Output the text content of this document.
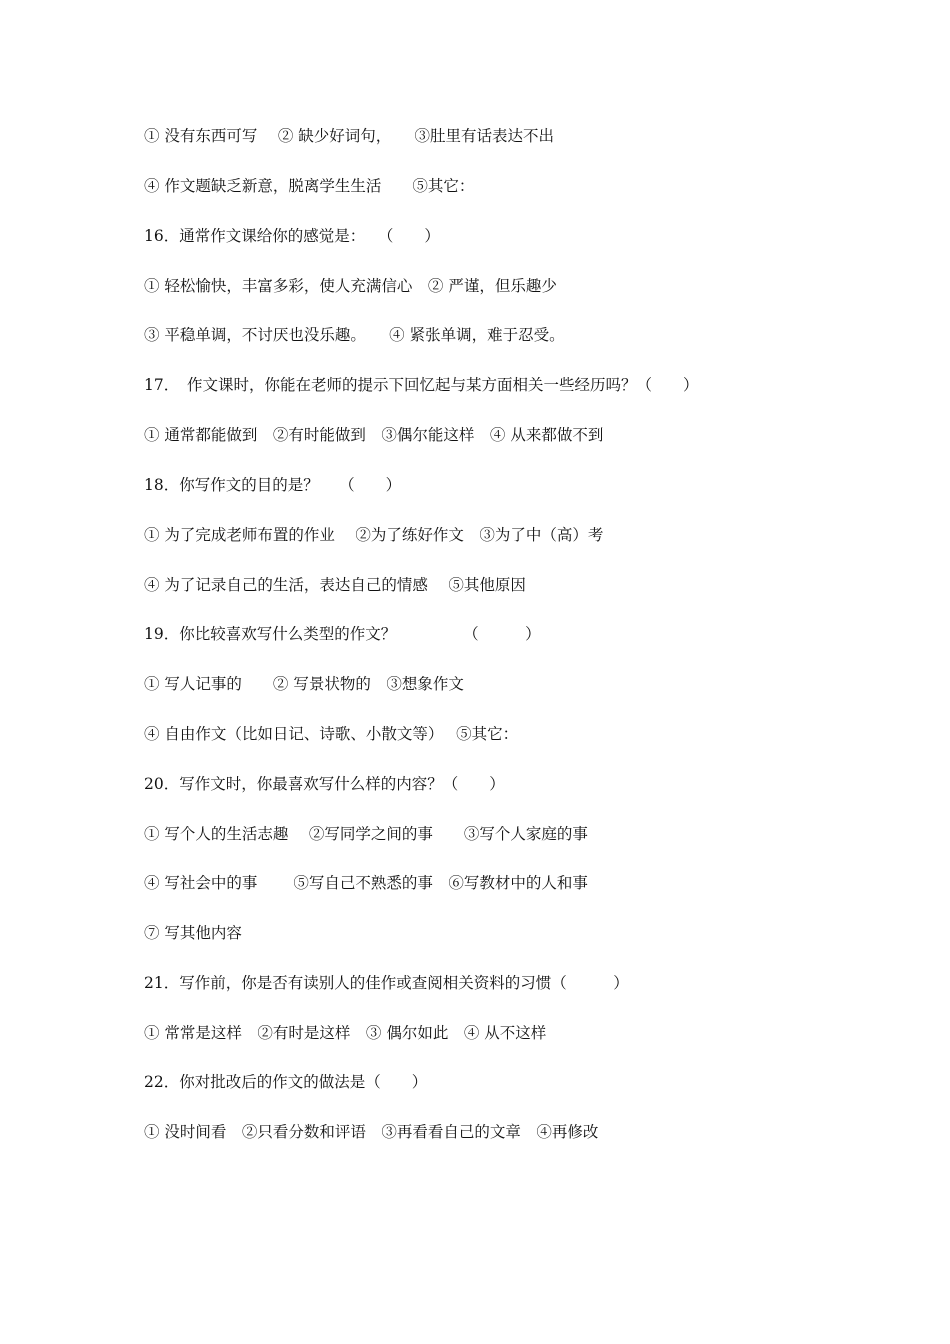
① 没有东西可写　 ② 缺少好词句，　　③肚里有话表达不出
④ 作文题缺乏新意，脱离学生生活　　⑤其它：
16．通常作文课给你的感觉是：　 （　　）
① 轻松愉快，丰富多彩，使人充满信心　② 严谨，但乐趣少
③ 平稳单调，不讨厌也没乐趣。　　④ 紧张单调，难于忍受。
17．　作文课时，你能在老师的提示下回忆起与某方面相关一些经历吗？（　　）
① 通常都能做到　②有时能做到　③偶尔能这样　④ 从来都做不到
18．你写作文的目的是？　 （　　）
① 为了完成老师布置的作业　 ②为了练好作文　③为了中（高）考
④ 为了记录自己的生活，表达自己的情感　 ⑤其他原因
19．你比较喜欢写什么类型的作文？　　　　 （　　　）
① 写人记事的　　② 写景状物的　③想象作文
④ 自由作文（比如日记、诗歌、小散文等）　 ⑤其它：
20．写作文时，你最喜欢写什么样的内容？（　　）
① 写个人的生活志趣　 ②写同学之间的事　　③写个人家庭的事
④ 写社会中的事　　 ⑤写自己不熟悉的事　⑥写教材中的人和事
⑦ 写其他内容
21．写作前，你是否有读别人的佳作或查阅相关资料的习惯（　　　）
① 常常是这样　②有时是这样　③ 偶尔如此　④ 从不这样
22．你对批改后的作文的做法是（　　）
① 没时间看　②只看分数和评语　③再看看自己的文章　④再修改
